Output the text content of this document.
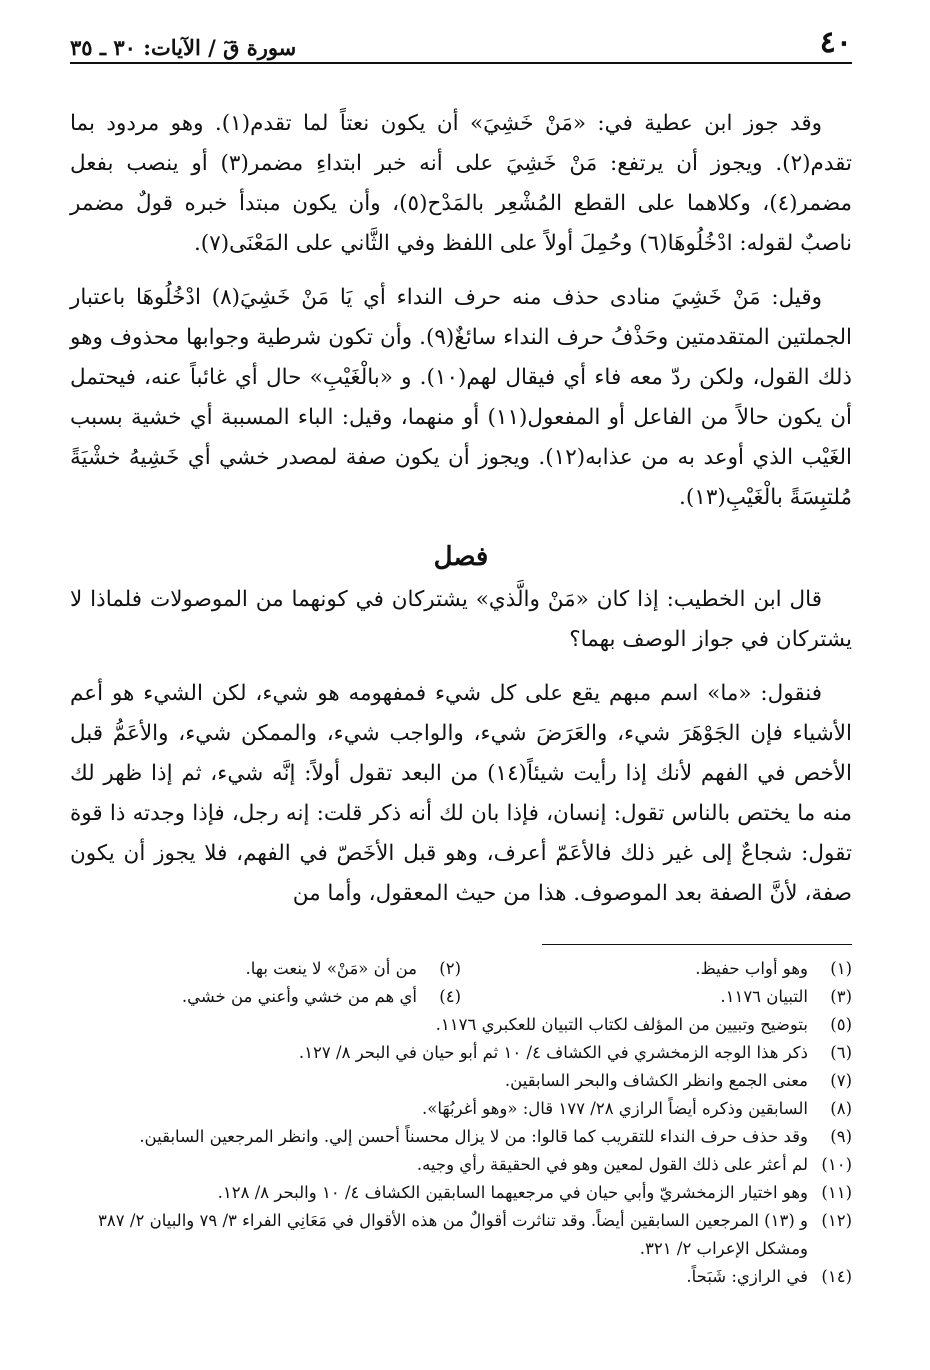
٤٠
سورة قٓ / الآيات: ٣٠ ـ ٣٥

وقد جوز ابن عطية في: «مَنْ خَشِيَ» أن يكون نعتاً لما تقدم(١). وهو مردود بما تقدم(٢). ويجوز أن يرتفع: مَنْ خَشِيَ على أنه خبر ابتداءِ مضمر(٣) أو ينصب بفعل مضمر(٤)، وكلاهما على القطع المُشْعِر بالمَدْح(٥)، وأن يكون مبتدأ خبره قولٌ مضمر ناصبٌ لقوله: ادْخُلُوهَا(٦) وحُمِلَ أولاً على اللفظ وفي الثَّاني على المَعْنَى(٧).

وقيل: مَنْ خَشِيَ منادى حذف منه حرف النداء أي يَا مَنْ خَشِيَ(٨) ادْخُلُوهَا باعتبار الجملتين المتقدمتين وحَذْفُ حرف النداء سائغٌ(٩). وأن تكون شرطية وجوابها محذوف وهو ذلك القول، ولكن ردّ معه فاء أي فيقال لهم(١٠). و «بالْغَيْبِ» حال أي غائباً عنه، فيحتمل أن يكون حالاً من الفاعل أو المفعول(١١) أو منهما، وقيل: الباء المسببة أي خشية بسبب الغَيْب الذي أوعد به من عذابه(١٢). ويجوز أن يكون صفة لمصدر خشي أي خَشِيهُ خشْيَةً مُلتبِسَةً بالْغَيْبِ(١٣).

فصل

قال ابن الخطيب: إذا كان «مَنْ والَّذي» يشتركان في كونهما من الموصولات فلماذا لا يشتركان في جواز الوصف بهما؟

فنقول: «ما» اسم مبهم يقع على كل شيء فمفهومه هو شيء، لكن الشيء هو أعم الأشياء فإن الجَوْهَرَ شيء، والعَرَضَ شيء، والواجب شيء، والممكن شيء، والأعَمُّ قبل الأخص في الفهم لأنك إذا رأيت شيئاً(١٤) من البعد تقول أولاً: إنَّه شيء، ثم إذا ظهر لك منه ما يختص بالناس تقول: إنسان، فإذا بان لك أنه ذكر قلت: إنه رجل، فإذا وجدته ذا قوة تقول: شجاعٌ إلى غير ذلك فالأعَمّ أعرف، وهو قبل الأخَصّ في الفهم، فلا يجوز أن يكون صفة، لأنَّ الصفة بعد الموصوف. هذا من حيث المعقول، وأما من

(١)
وهو أواب حفيظ.
(٢)
من أن «مَنْ» لا ينعت بها.
(٣)
التبيان ١١٧٦.
(٤)
أي هم من خشي وأعني من خشي.
(٥)
بتوضيح وتبيين من المؤلف لكتاب التبيان للعكبري ١١٧٦.
(٦)
ذكر هذا الوجه الزمخشري في الكشاف ٤/ ١٠ ثم أبو حيان في البحر ٨/ ١٢٧.
(٧)
معنى الجمع وانظر الكشاف والبحر السابقين.
(٨)
السابقين وذكره أيضاً الرازي ٢٨/ ١٧٧ قال: «وهو أغربُهَا».
(٩)
وقد حذف حرف النداء للتقريب كما قالوا: من لا يزال محسناً أحسن إلي. وانظر المرجعين السابقين.
(١٠)
لم أعثر على ذلك القول لمعين وهو في الحقيقة رأي وجيه.
(١١)
وهو اختيار الزمخشريّ وأبي حيان في مرجعيهما السابقين الكشاف ٤/ ١٠ والبحر ٨/ ١٢٨.
(١٢)
و (١٣) المرجعين السابقين أيضاً. وقد تناثرت أقوالٌ من هذه الأقوال في مَعَانِي الفراء ٣/ ٧٩ والبيان ٢/ ٣٨٧ ومشكل الإعراب ٢/ ٣٢١.
(١٤)
في الرازي: شَبَحاً.
